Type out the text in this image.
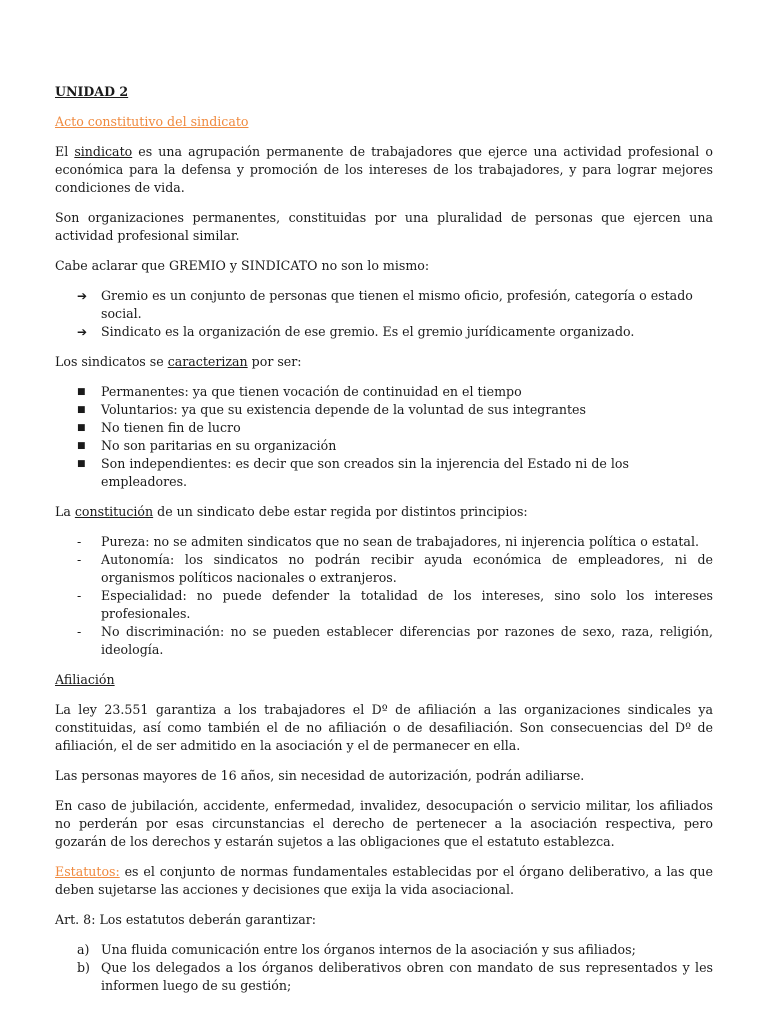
UNIDAD 2

Acto constitutivo del sindicato

El sindicato es una agrupación permanente de trabajadores que ejerce una actividad profesional o económica para la defensa y promoción de los intereses de los trabajadores, y para lograr mejores condiciones de vida.

Son organizaciones permanentes, constituidas por una pluralidad de personas que ejercen una actividad profesional similar.

Cabe aclarar que GREMIO y SINDICATO no son lo mismo:

➔	Gremio es un conjunto de personas que tienen el mismo oficio, profesión, categoría o estado social.
➔	Sindicato es la organización de ese gremio. Es el gremio jurídicamente organizado.

Los sindicatos se caracterizan por ser:

■	Permanentes: ya que tienen vocación de continuidad en el tiempo
■	Voluntarios: ya que su existencia depende de la voluntad de sus integrantes
■	No tienen fin de lucro
■	No son paritarias en su organización
■	Son independientes: es decir que son creados sin la injerencia del Estado ni de los empleadores.

La constitución de un sindicato debe estar regida por distintos principios:

-	Pureza: no se admiten sindicatos que no sean de trabajadores, ni injerencia política o estatal.
-	Autonomía: los sindicatos no podrán recibir ayuda económica de empleadores, ni de organismos políticos nacionales o extranjeros.
-	Especialidad: no puede defender la totalidad de los intereses, sino solo los intereses profesionales.
-	No discriminación: no se pueden establecer diferencias por razones de sexo, raza, religión, ideología.

Afiliación

La ley 23.551 garantiza a los trabajadores el Dº de afiliación a las organizaciones sindicales ya constituidas, así como también el de no afiliación o de desafiliación. Son consecuencias del Dº de afiliación, el de ser admitido en la asociación y el de permanecer en ella.

Las personas mayores de 16 años, sin necesidad de autorización, podrán adiliarse.

En caso de jubilación, accidente, enfermedad, invalidez, desocupación o servicio militar, los afiliados no perderán por esas circunstancias el derecho de pertenecer a la asociación respectiva, pero gozarán de los derechos y estarán sujetos a las obligaciones que el estatuto establezca.

Estatutos: es el conjunto de normas fundamentales establecidas por el órgano deliberativo, a las que deben sujetarse las acciones y decisiones que exija la vida asociacional.

Art. 8: Los estatutos deberán garantizar:

a) Una fluida comunicación entre los órganos internos de la asociación y sus afiliados;
b) Que los delegados a los órganos deliberativos obren con mandato de sus representados y les informen luego de su gestión;
